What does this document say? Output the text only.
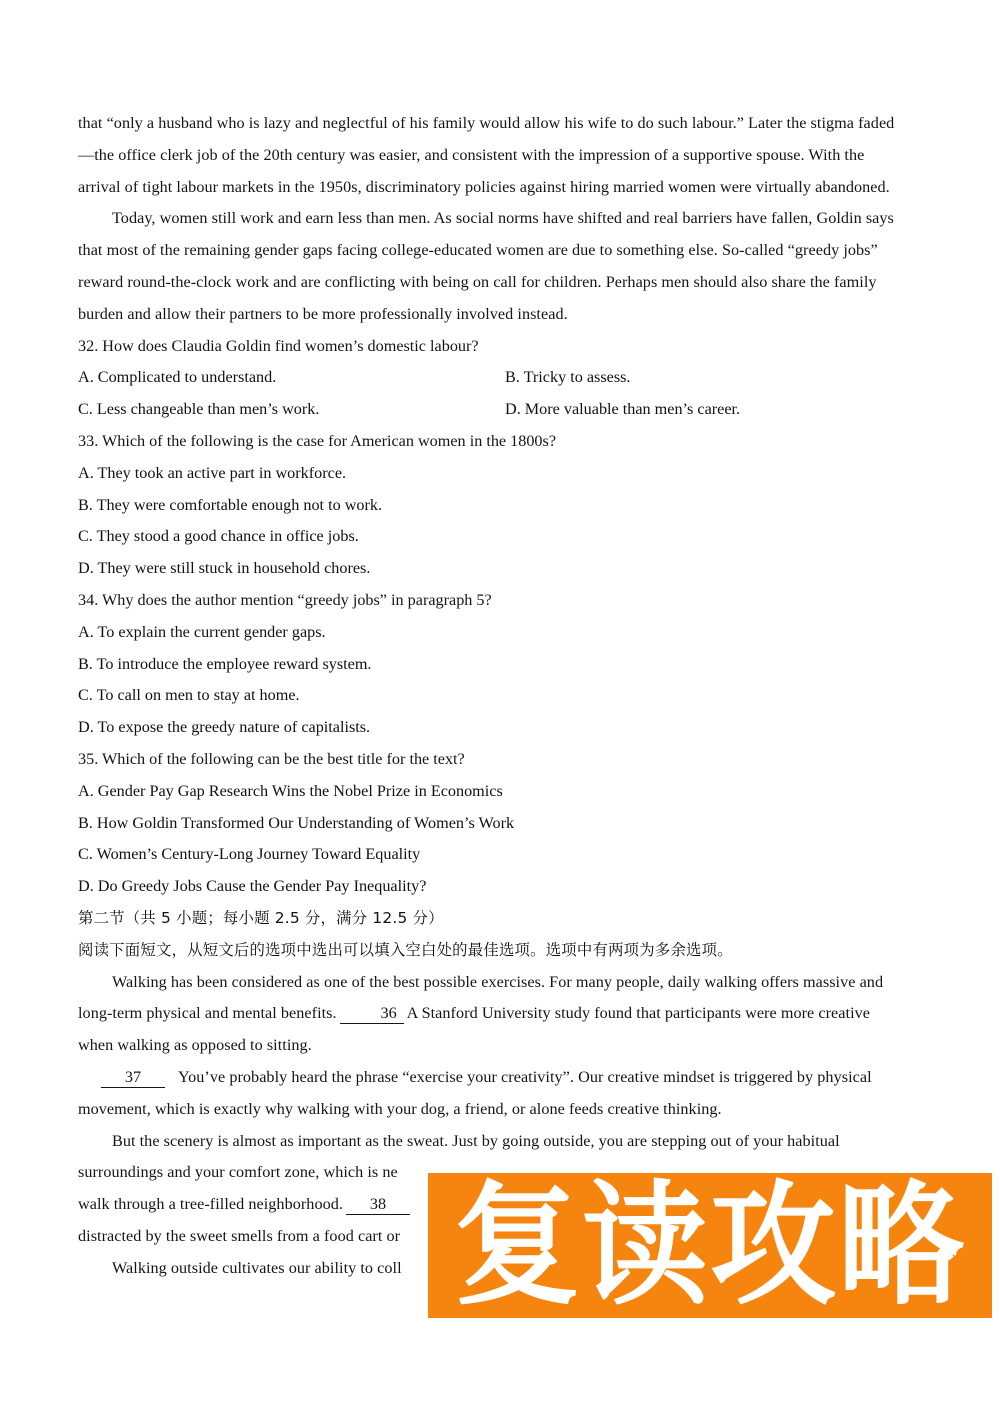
that “only a husband who is lazy and neglectful of his family would allow his wife to do such labour.” Later the stigma faded—the office clerk job of the 20th century was easier, and consistent with the impression of a supportive spouse. With the arrival of tight labour markets in the 1950s, discriminatory policies against hiring married women were virtually abandoned.

Today, women still work and earn less than men. As social norms have shifted and real barriers have fallen, Goldin says that most of the remaining gender gaps facing college-educated women are due to something else. So-called “greedy jobs” reward round-the-clock work and are conflicting with being on call for children. Perhaps men should also share the family burden and allow their partners to be more professionally involved instead.

32. How does Claudia Goldin find women’s domestic labour?
A. Complicated to understand.	B. Tricky to assess.
C. Less changeable than men’s work.	D. More valuable than men’s career.
33. Which of the following is the case for American women in the 1800s?
A. They took an active part in workforce.
B. They were comfortable enough not to work.
C. They stood a good chance in office jobs.
D. They were still stuck in household chores.
34. Why does the author mention “greedy jobs” in paragraph 5?
A. To explain the current gender gaps.
B. To introduce the employee reward system.
C. To call on men to stay at home.
D. To expose the greedy nature of capitalists.
35. Which of the following can be the best title for the text?
A. Gender Pay Gap Research Wins the Nobel Prize in Economics
B. How Goldin Transformed Our Understanding of Women’s Work
C. Women’s Century-Long Journey Toward Equality
D. Do Greedy Jobs Cause the Gender Pay Inequality?
第二节（共 5 小题；每小题 2.5 分，满分 12.5 分）
阅读下面短文，从短文后的选项中选出可以填入空白处的最佳选项。选项中有两项为多余选项。

Walking has been considered as one of the best possible exercises. For many people, daily walking offers massive and long-term physical and mental benefits.	36 A Stanford University study found that participants were more creative when walking as opposed to sitting.

37 You’ve probably heard the phrase “exercise your creativity”. Our creative mindset is triggered by physical movement, which is exactly why walking with your dog, a friend, or alone feeds creative thinking.

But the scenery is almost as important as the sweat. Just by going outside, you are stepping out of your habitual
surroundings and your comfort zone, which is ne
walk through a tree-filled neighborhood. 38
distracted by the sweet smells from a food cart or
Walking outside cultivates our ability to coll 复读攻略
